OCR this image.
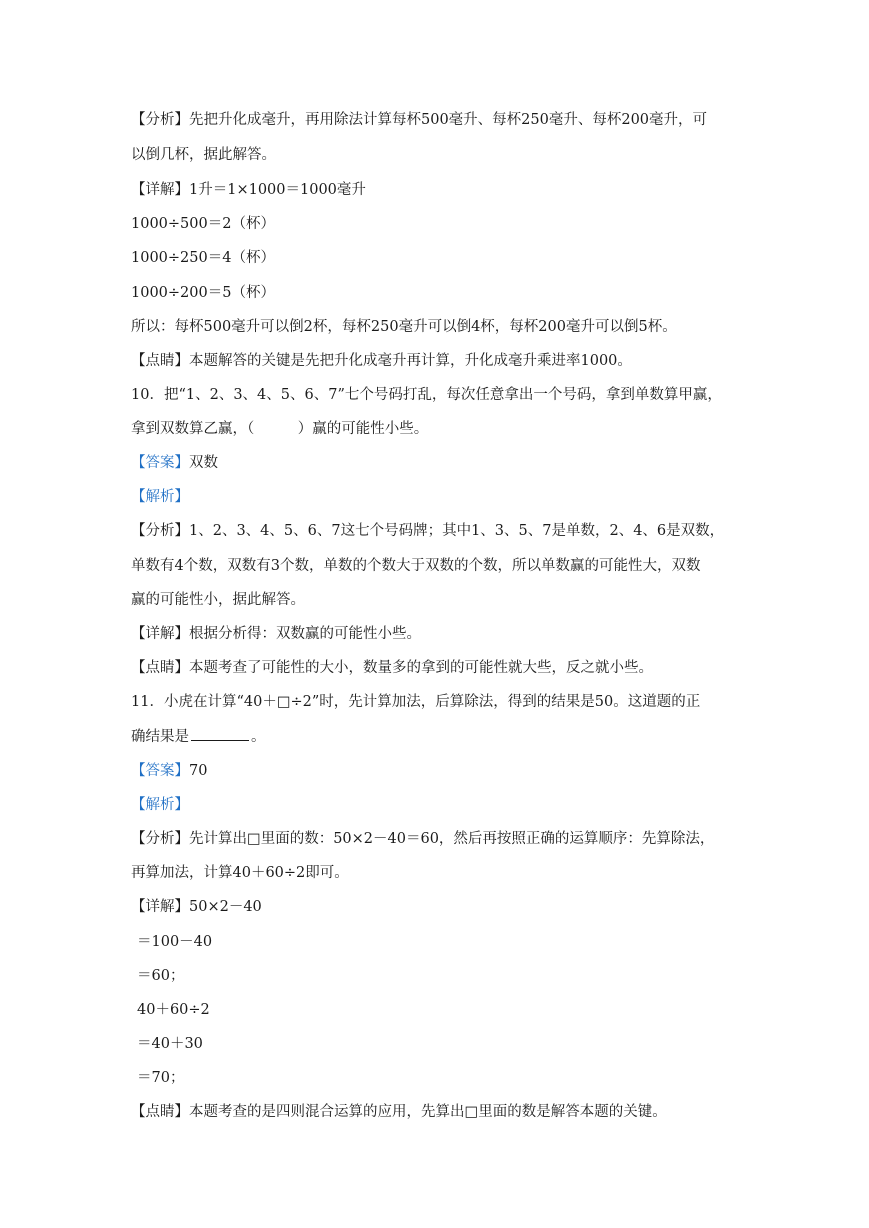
【分析】先把升化成毫升，再用除法计算每杯500毫升、每杯250毫升、每杯200毫升，可
以倒几杯，据此解答。
【详解】1升＝1×1000＝1000毫升
1000÷500＝2（杯）
1000÷250＝4（杯）
1000÷200＝5（杯）
所以：每杯500毫升可以倒2杯，每杯250毫升可以倒4杯，每杯200毫升可以倒5杯。
【点睛】本题解答的关键是先把升化成毫升再计算，升化成毫升乘进率1000。
10．把“1、2、3、4、5、6、7”七个号码打乱，每次任意拿出一个号码，拿到单数算甲赢，
拿到双数算乙赢，（　　　）赢的可能性小些。
【答案】双数
【解析】
【分析】1、2、3、4、5、6、7这七个号码牌；其中1、3、5、7是单数，2、4、6是双数，
单数有4个数，双数有3个数，单数的个数大于双数的个数，所以单数赢的可能性大，双数
赢的可能性小，据此解答。
【详解】根据分析得：双数赢的可能性小些。
【点睛】本题考查了可能性的大小，数量多的拿到的可能性就大些，反之就小些。
11．小虎在计算“40＋□÷2”时，先计算加法，后算除法，得到的结果是50。这道题的正
确结果是	。
【答案】70
【解析】
【分析】先计算出□里面的数：50×2－40＝60，然后再按照正确的运算顺序：先算除法，
再算加法，计算40＋60÷2即可。
【详解】50×2－40
＝100－40
＝60；
40＋60÷2
＝40＋30
＝70；
【点睛】本题考查的是四则混合运算的应用，先算出□里面的数是解答本题的关键。
